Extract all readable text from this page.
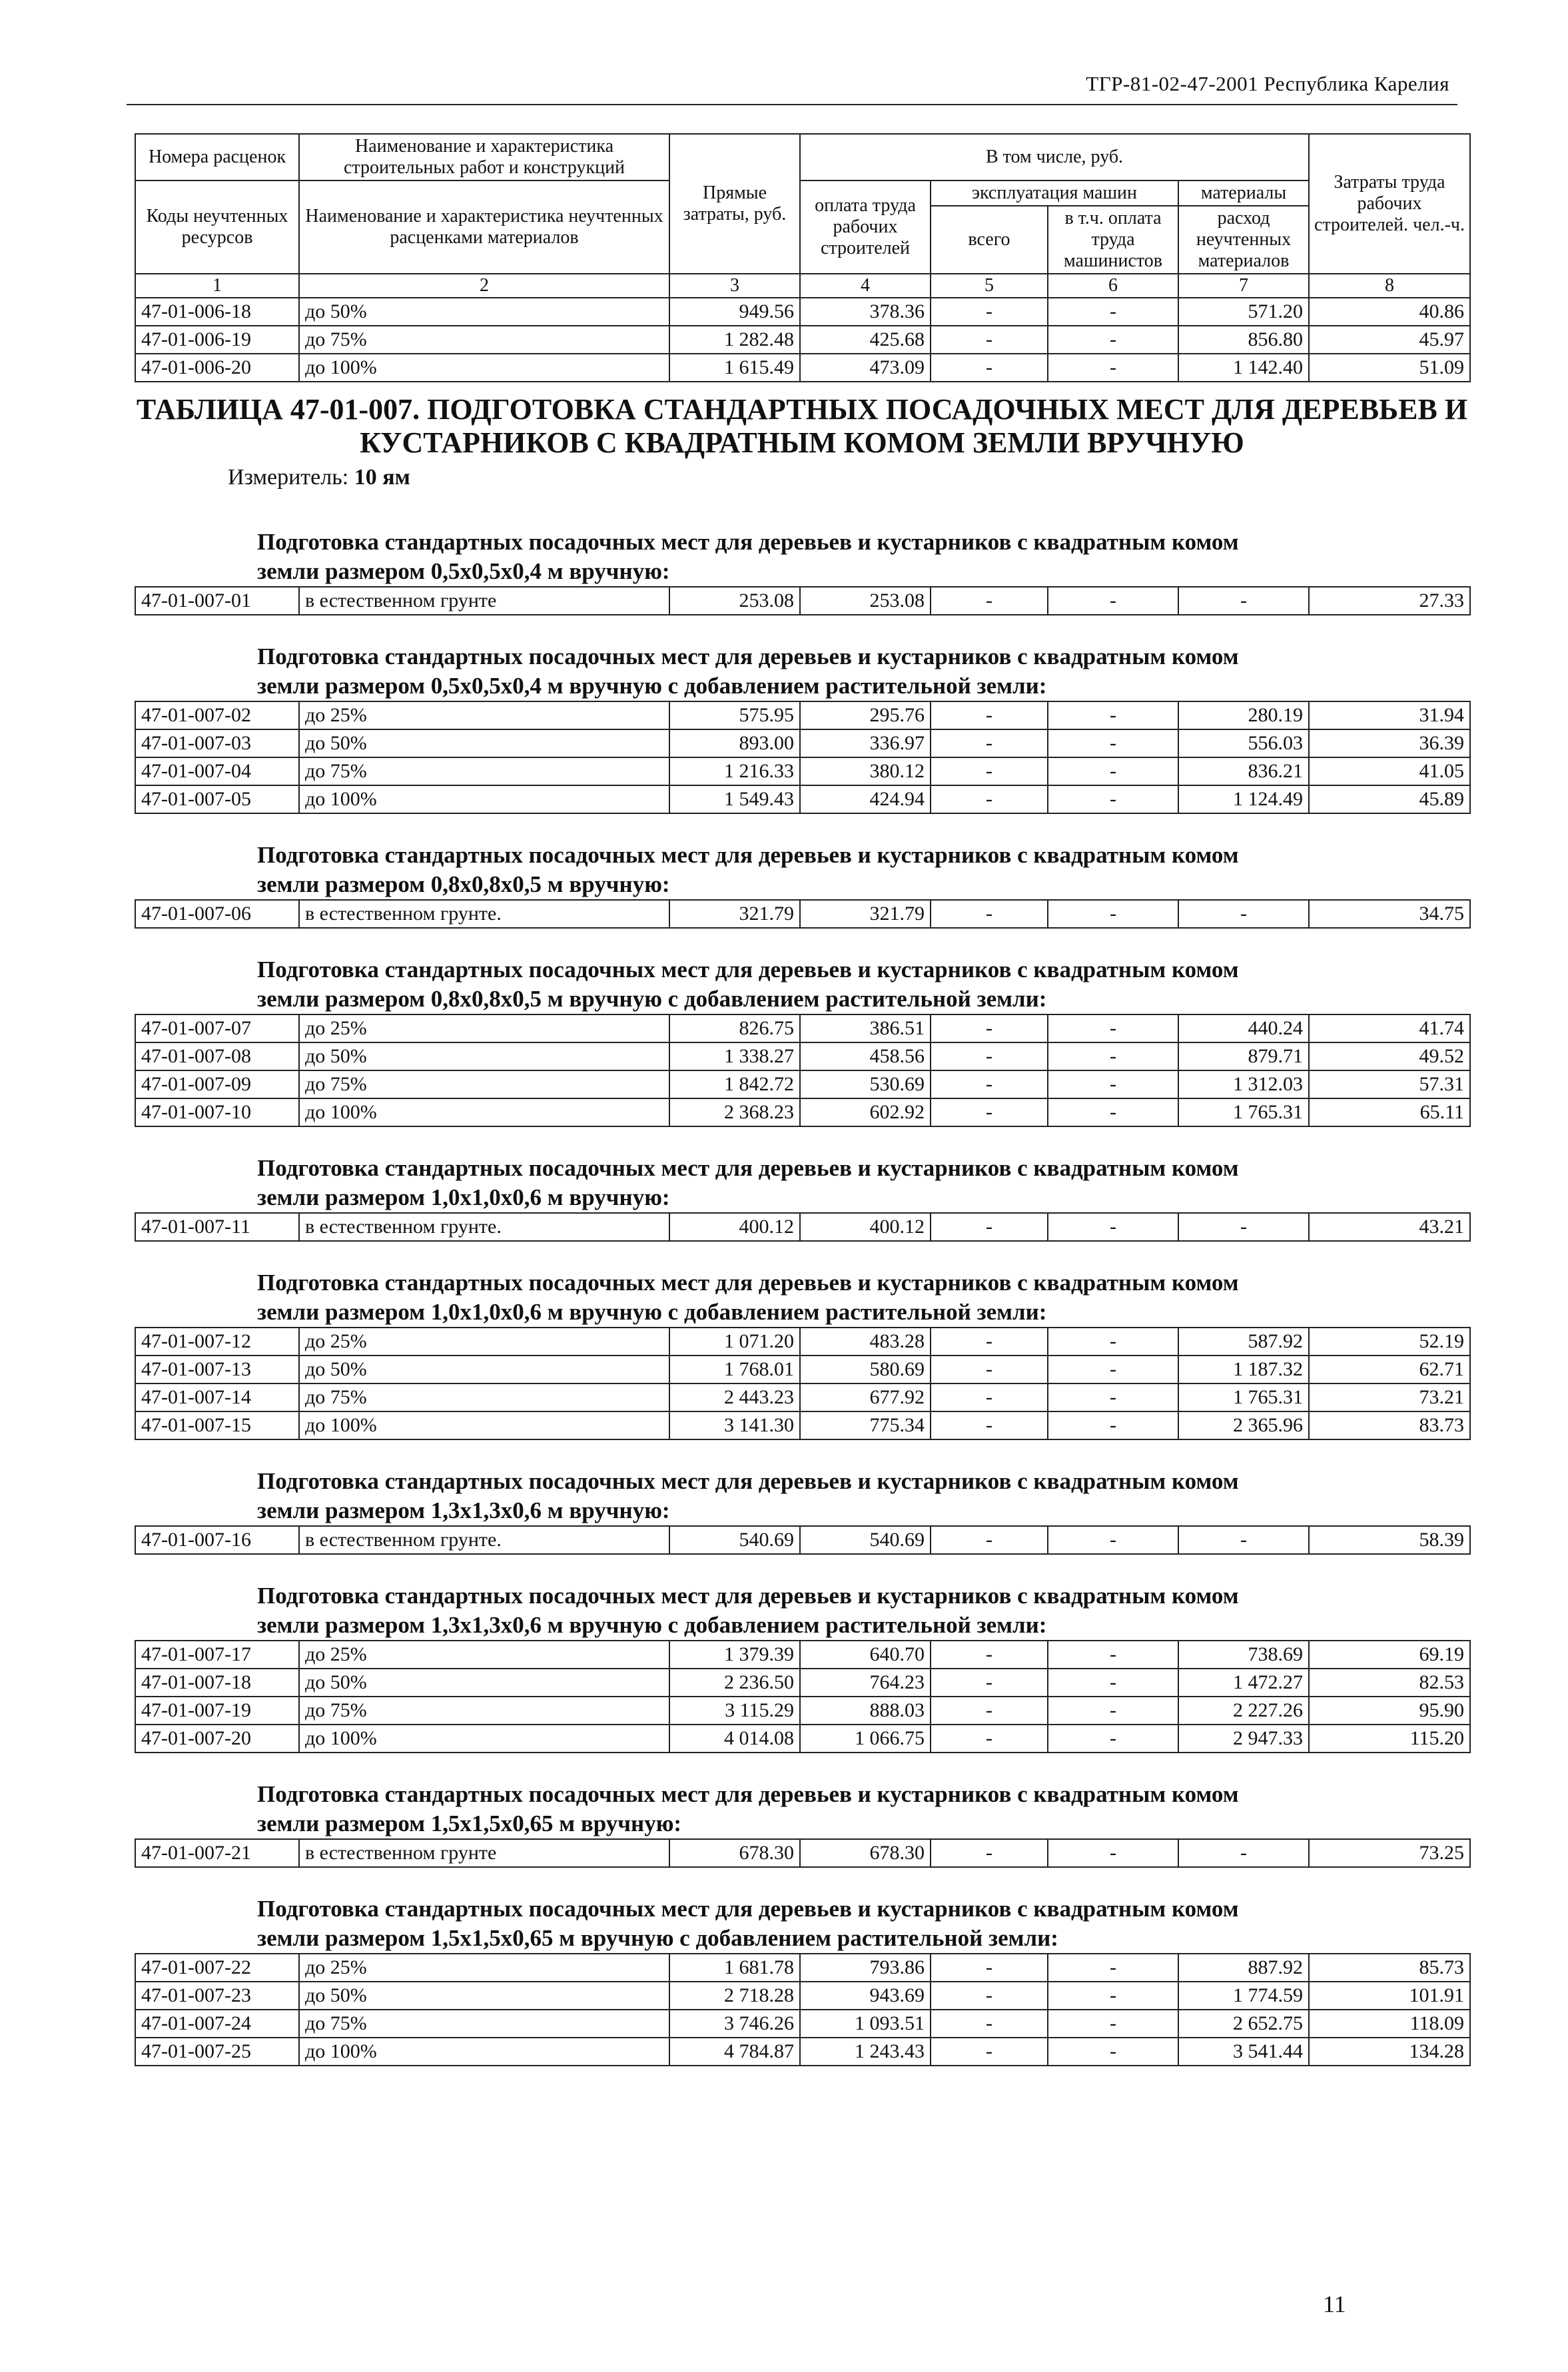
ТГР-81-02-47-2001 Республика Карелия
Номера расценок	Наименование и характеристика строительных работ и конструкций	Прямые затраты, руб.	В том числе, руб.				Затраты труда рабочих строителей. чел.-ч.
Коды неучтенных ресурсов	Наименование и характеристика неучтенных расценками материалов		оплата труда рабочих строителей	эксплуатация машин		материалы	
				всего	в т.ч. оплата труда машинистов	расход неучтенных материалов	
1	2	3	4	5	6	7	8
47-01-006-18	до 50%	949.56	378.36	-	-	571.20	40.86
47-01-006-19	до 75%	1 282.48	425.68	-	-	856.80	45.97
47-01-006-20	до 100%	1 615.49	473.09	-	-	1 142.40	51.09
ТАБЛИЦА 47-01-007. ПОДГОТОВКА СТАНДАРТНЫХ ПОСАДОЧНЫХ МЕСТ ДЛЯ ДЕРЕВЬЕВ И
КУСТАРНИКОВ С КВАДРАТНЫМ КОМОМ ЗЕМЛИ ВРУЧНУЮ
Измеритель: 10 ям
Подготовка стандартных посадочных мест для деревьев и кустарников с квадратным комом
земли размером 0,5х0,5х0,4 м вручную:
47-01-007-01	в естественном грунте	253.08	253.08	-	-	-	27.33
Подготовка стандартных посадочных мест для деревьев и кустарников с квадратным комом
земли размером 0,5х0,5х0,4 м вручную с добавлением растительной земли:
47-01-007-02	до 25%	575.95	295.76	-	-	280.19	31.94
47-01-007-03	до 50%	893.00	336.97	-	-	556.03	36.39
47-01-007-04	до 75%	1 216.33	380.12	-	-	836.21	41.05
47-01-007-05	до 100%	1 549.43	424.94	-	-	1 124.49	45.89
Подготовка стандартных посадочных мест для деревьев и кустарников с квадратным комом
земли размером 0,8х0,8х0,5 м вручную:
47-01-007-06	в естественном грунте.	321.79	321.79	-	-	-	34.75
Подготовка стандартных посадочных мест для деревьев и кустарников с квадратным комом
земли размером 0,8х0,8х0,5 м вручную с добавлением растительной земли:
47-01-007-07	до 25%	826.75	386.51	-	-	440.24	41.74
47-01-007-08	до 50%	1 338.27	458.56	-	-	879.71	49.52
47-01-007-09	до 75%	1 842.72	530.69	-	-	1 312.03	57.31
47-01-007-10	до 100%	2 368.23	602.92	-	-	1 765.31	65.11
Подготовка стандартных посадочных мест для деревьев и кустарников с квадратным комом
земли размером 1,0х1,0х0,6 м вручную:
47-01-007-11	в естественном грунте.	400.12	400.12	-	-	-	43.21
Подготовка стандартных посадочных мест для деревьев и кустарников с квадратным комом
земли размером 1,0х1,0х0,6 м вручную с добавлением растительной земли:
47-01-007-12	до 25%	1 071.20	483.28	-	-	587.92	52.19
47-01-007-13	до 50%	1 768.01	580.69	-	-	1 187.32	62.71
47-01-007-14	до 75%	2 443.23	677.92	-	-	1 765.31	73.21
47-01-007-15	до 100%	3 141.30	775.34	-	-	2 365.96	83.73
Подготовка стандартных посадочных мест для деревьев и кустарников с квадратным комом
земли размером 1,3х1,3х0,6 м вручную:
47-01-007-16	в естественном грунте.	540.69	540.69	-	-	-	58.39
Подготовка стандартных посадочных мест для деревьев и кустарников с квадратным комом
земли размером 1,3х1,3х0,6 м вручную с добавлением растительной земли:
47-01-007-17	до 25%	1 379.39	640.70	-	-	738.69	69.19
47-01-007-18	до 50%	2 236.50	764.23	-	-	1 472.27	82.53
47-01-007-19	до 75%	3 115.29	888.03	-	-	2 227.26	95.90
47-01-007-20	до 100%	4 014.08	1 066.75	-	-	2 947.33	115.20
Подготовка стандартных посадочных мест для деревьев и кустарников с квадратным комом
земли размером 1,5х1,5х0,65 м вручную:
47-01-007-21	в естественном грунте	678.30	678.30	-	-	-	73.25
Подготовка стандартных посадочных мест для деревьев и кустарников с квадратным комом
земли размером 1,5х1,5х0,65 м вручную с добавлением растительной земли:
47-01-007-22	до 25%	1 681.78	793.86	-	-	887.92	85.73
47-01-007-23	до 50%	2 718.28	943.69	-	-	1 774.59	101.91
47-01-007-24	до 75%	3 746.26	1 093.51	-	-	2 652.75	118.09
47-01-007-25	до 100%	4 784.87	1 243.43	-	-	3 541.44	134.28
11
